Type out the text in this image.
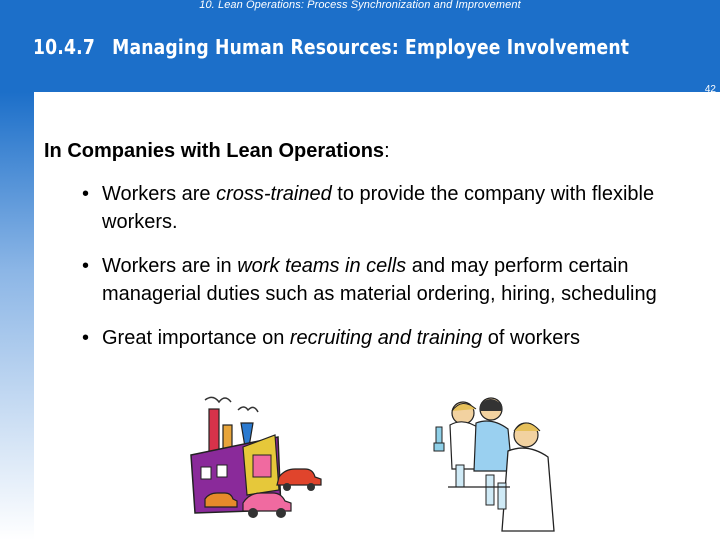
10. Lean Operations: Process Synchronization and Improvement
10.4.7 Managing Human Resources: Employee Involvement
42
In Companies with Lean Operations:
• Workers are cross-trained to provide the company with flexible workers.
• Workers are in work teams in cells and may perform certain managerial duties such as material ordering, hiring, scheduling
• Great importance on recruiting and training of workers
